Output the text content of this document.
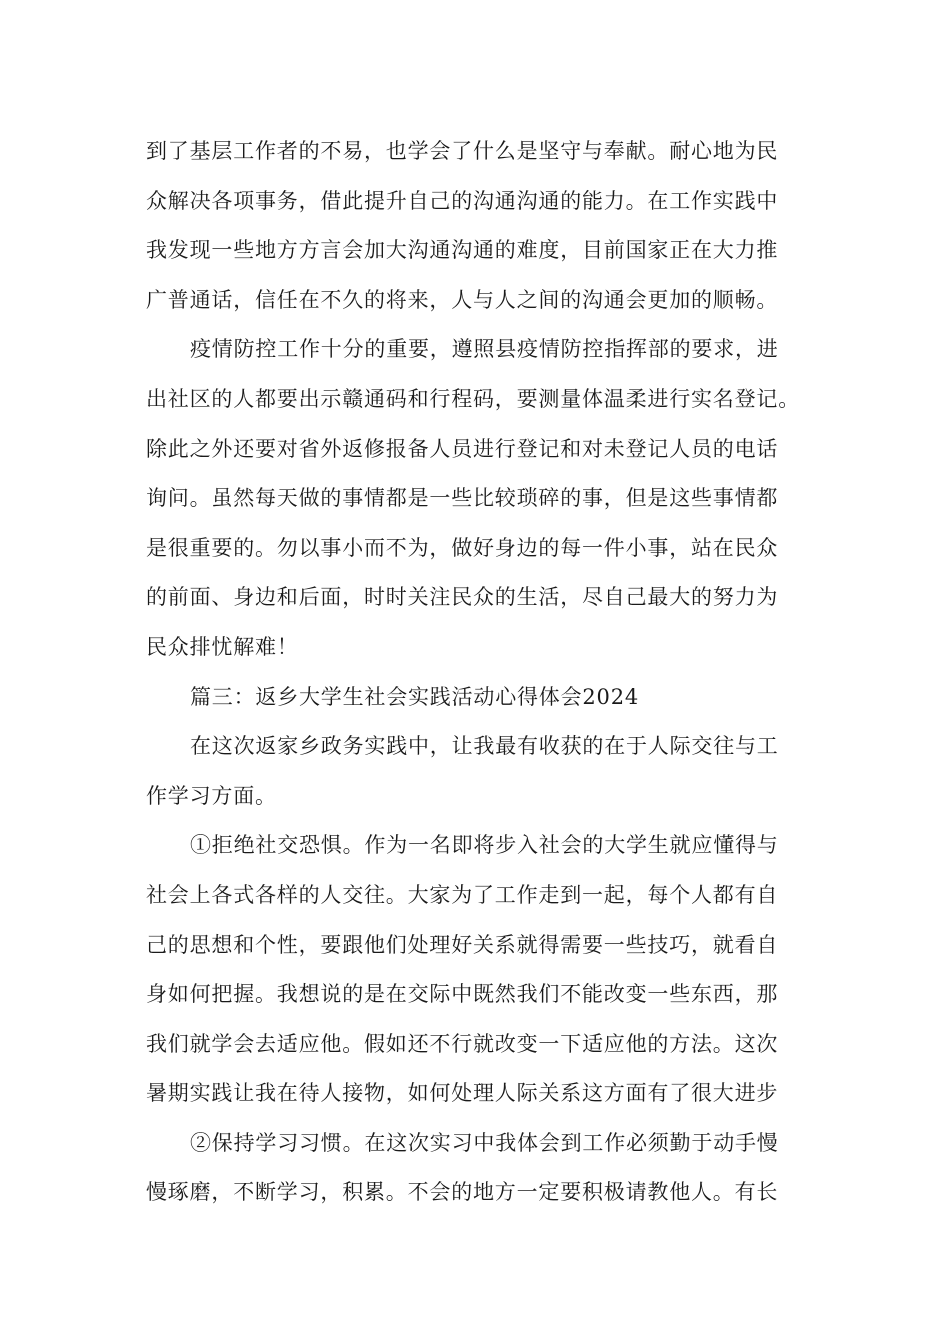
到了基层工作者的不易，也学会了什么是坚守与奉献。耐心地为民
众解决各项事务，借此提升自己的沟通沟通的能力。在工作实践中
我发现一些地方方言会加大沟通沟通的难度，目前国家正在大力推
广普通话，信任在不久的将来，人与人之间的沟通会更加的顺畅。
疫情防控工作十分的重要，遵照县疫情防控指挥部的要求，进
出社区的人都要出示赣通码和行程码，要测量体温柔进行实名登记。
除此之外还要对省外返修报备人员进行登记和对未登记人员的电话
询问。虽然每天做的事情都是一些比较琐碎的事，但是这些事情都
是很重要的。勿以事小而不为，做好身边的每一件小事，站在民众
的前面、身边和后面，时时关注民众的生活，尽自己最大的努力为
民众排忧解难！
篇三：返乡大学生社会实践活动心得体会2024
在这次返家乡政务实践中，让我最有收获的在于人际交往与工
作学习方面。
①拒绝社交恐惧。作为一名即将步入社会的大学生就应懂得与
社会上各式各样的人交往。大家为了工作走到一起，每个人都有自
己的思想和个性，要跟他们处理好关系就得需要一些技巧，就看自
身如何把握。我想说的是在交际中既然我们不能改变一些东西，那
我们就学会去适应他。假如还不行就改变一下适应他的方法。这次
暑期实践让我在待人接物，如何处理人际关系这方面有了很大进步
②保持学习习惯。在这次实习中我体会到工作必须勤于动手慢
慢琢磨，不断学习，积累。不会的地方一定要积极请教他人。有长
